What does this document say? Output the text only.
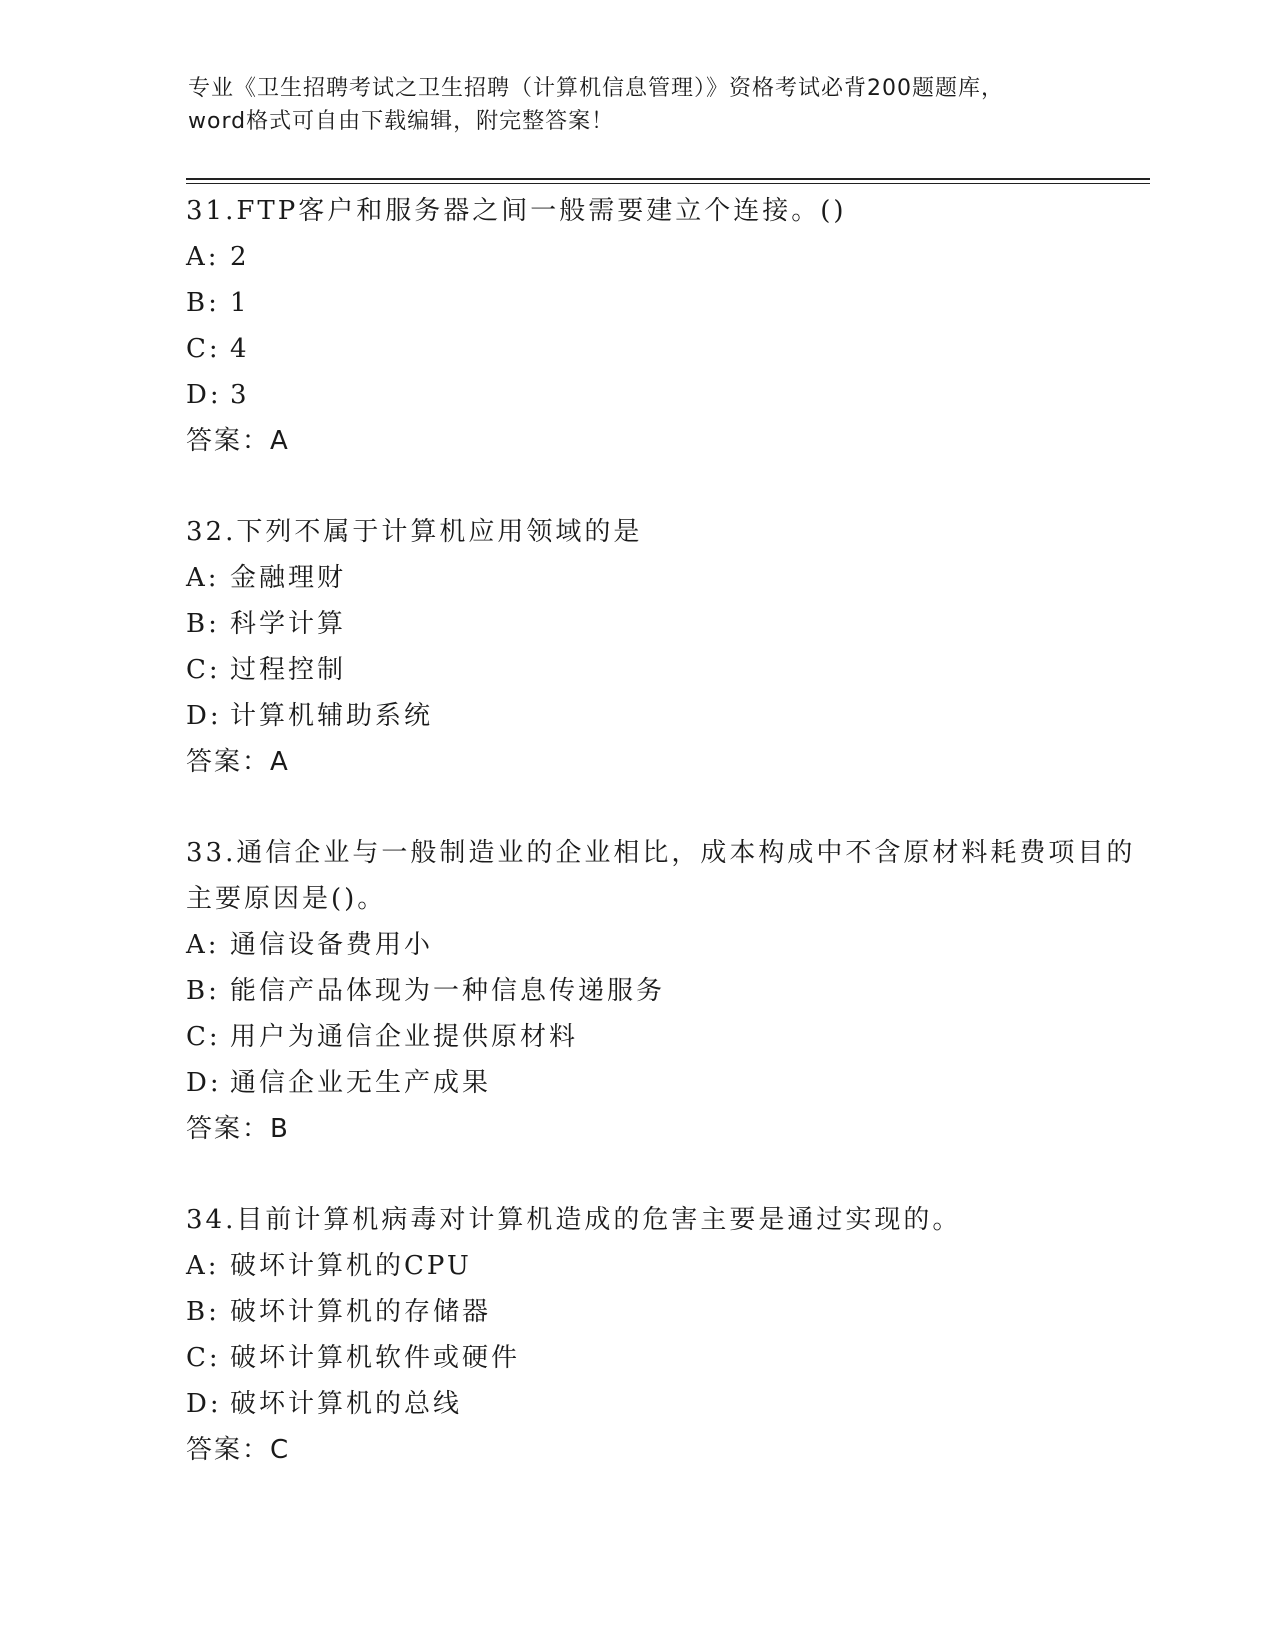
专业《卫生招聘考试之卫生招聘（计算机信息管理）》资格考试必背200题题库，
word格式可自由下载编辑，附完整答案！
31.FTP客户和服务器之间一般需要建立个连接。()
A: 2
B: 1
C: 4
D: 3
答案：A
32.下列不属于计算机应用领域的是
A: 金融理财
B: 科学计算
C: 过程控制
D: 计算机辅助系统
答案：A
33.通信企业与一般制造业的企业相比，成本构成中不含原材料耗费项目的主要原因是()。
A: 通信设备费用小
B: 能信产品体现为一种信息传递服务
C: 用户为通信企业提供原材料
D: 通信企业无生产成果
答案：B
34.目前计算机病毒对计算机造成的危害主要是通过实现的。
A: 破坏计算机的CPU
B: 破坏计算机的存储器
C: 破坏计算机软件或硬件
D: 破坏计算机的总线
答案：C
